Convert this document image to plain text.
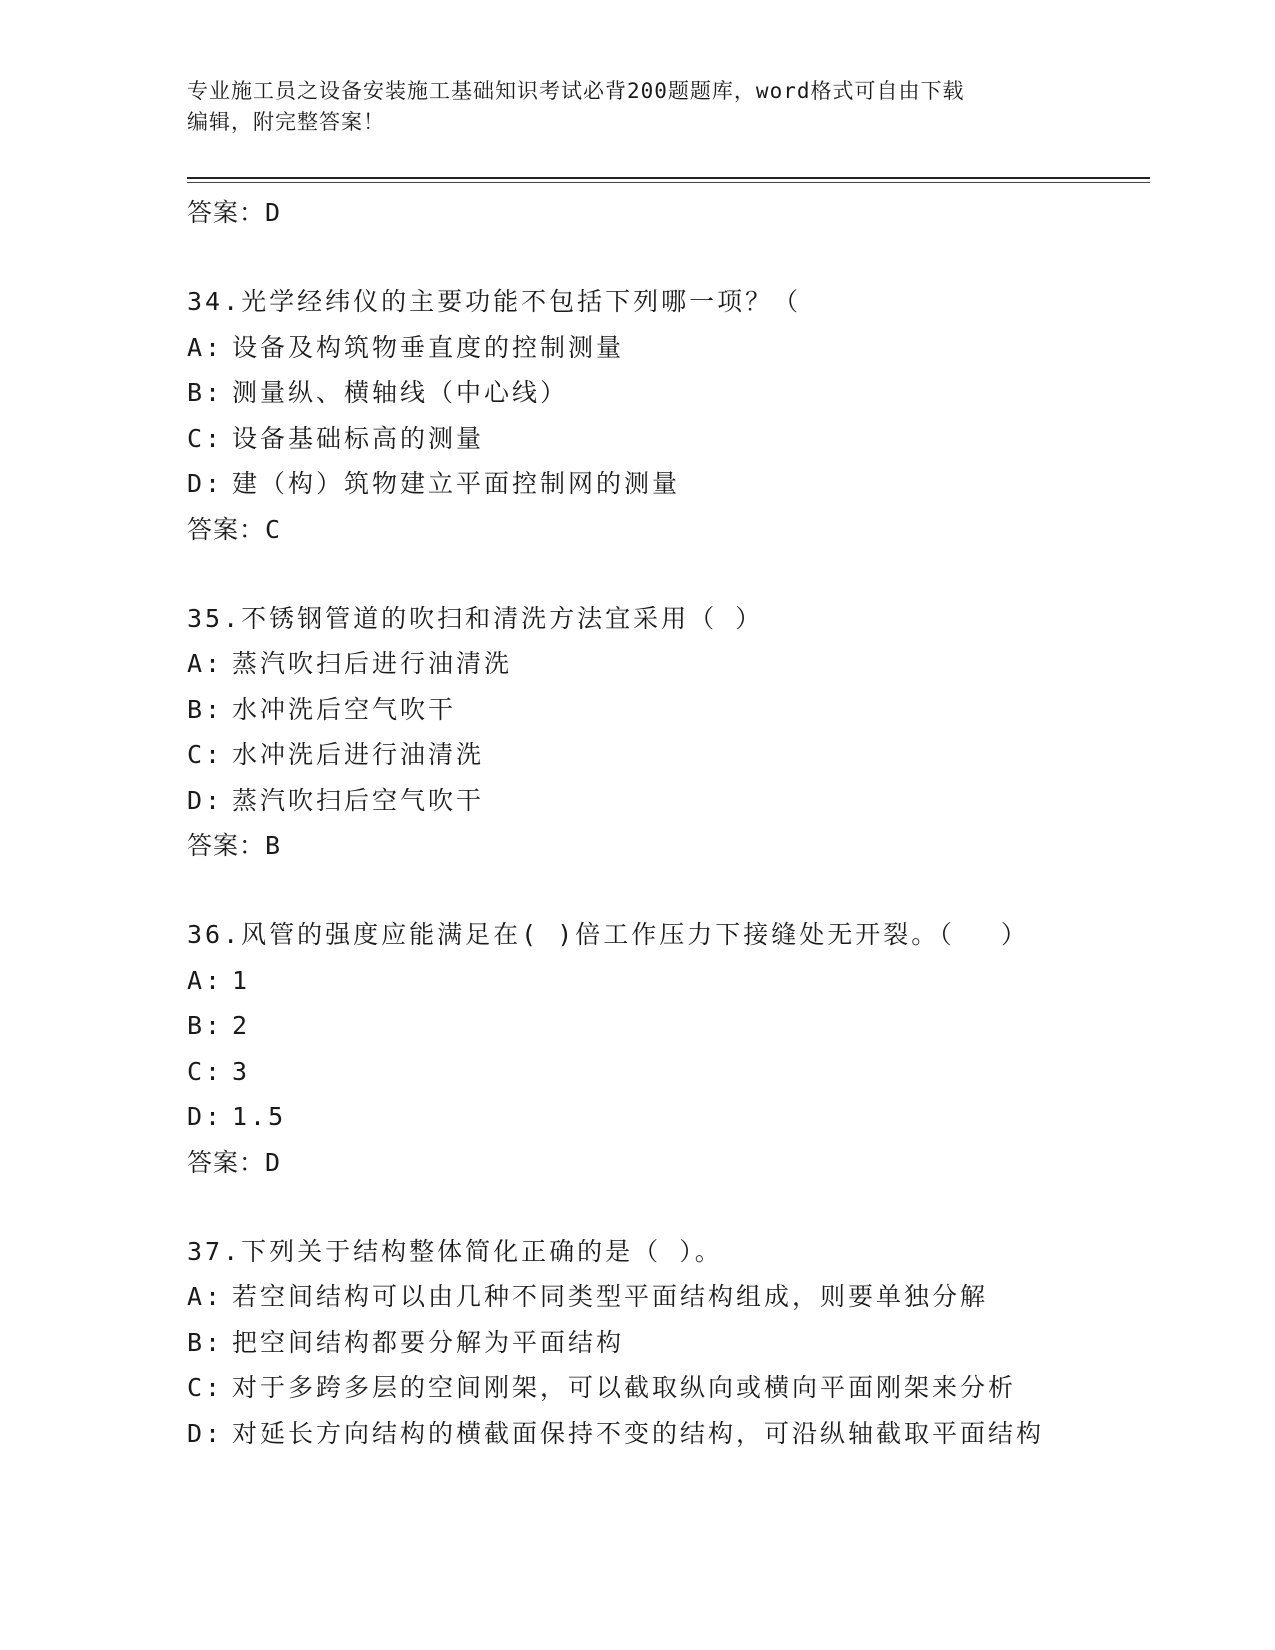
专业施工员之设备安装施工基础知识考试必背200题题库，word格式可自由下载
编辑，附完整答案！
答案：D
34.光学经纬仪的主要功能不包括下列哪一项？（
A: 设备及构筑物垂直度的控制测量
B: 测量纵、横轴线（中心线）
C: 设备基础标高的测量
D: 建（构）筑物建立平面控制网的测量
答案：C
35.不锈钢管道的吹扫和清洗方法宜采用（ ）
A: 蒸汽吹扫后进行油清洗
B: 水冲洗后空气吹干
C: 水冲洗后进行油清洗
D: 蒸汽吹扫后空气吹干
答案：B
36.风管的强度应能满足在( )倍工作压力下接缝处无开裂。（　 ）
A: 1
B: 2
C: 3
D: 1.5
答案：D
37.下列关于结构整体简化正确的是（ ）。
A: 若空间结构可以由几种不同类型平面结构组成，则要单独分解
B: 把空间结构都要分解为平面结构
C: 对于多跨多层的空间刚架，可以截取纵向或横向平面刚架来分析
D: 对延长方向结构的横截面保持不变的结构，可沿纵轴截取平面结构
